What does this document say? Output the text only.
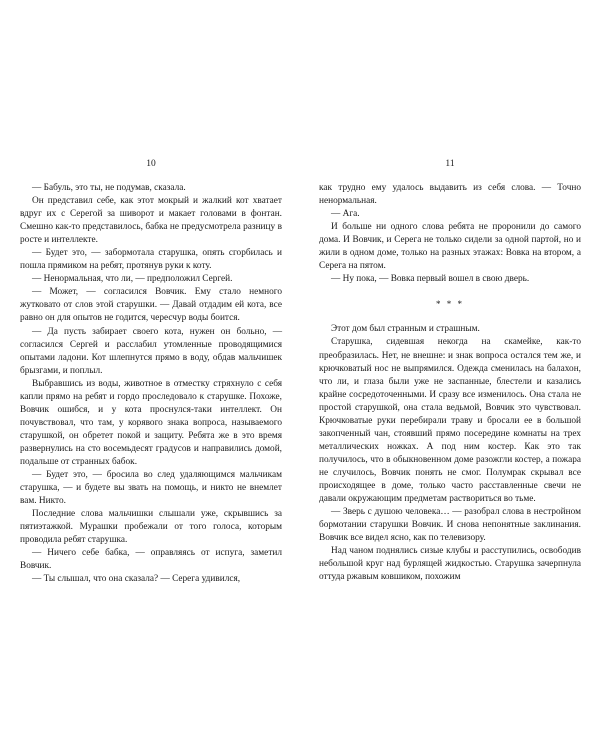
10

— Бабуль, это ты, не подумав, сказала.

Он представил себе, как этот мокрый и жалкий кот хватает вдруг их с Серегой за шиворот и макает головами в фонтан. Смешно как-то представилось, бабка не предусмотрела разницу в росте и интеллекте.

— Будет это, — забормотала старушка, опять сгорбилась и пошла прямиком на ребят, протянув руки к коту.

— Ненормальная, что ли, — предположил Сергей.

— Может, — согласился Вовчик. Ему стало немного жутковато от слов этой старушки. — Давай отдадим ей кота, все равно он для опытов не годится, чересчур воды боится.

— Да пусть забирает своего кота, нужен он больно, — согласился Сергей и расслабил утомленные проводящимися опытами ладони. Кот шлепнутся прямо в воду, обдав мальчишек брызгами, и поплыл.

Выбравшись из воды, животное в отместку стряхнуло с себя капли прямо на ребят и гордо проследовало к старушке. Похоже, Вовчик ошибся, и у кота проснулся-таки интеллект. Он почувствовал, что там, у корявого знака вопроса, называемого старушкой, он обретет покой и защиту. Ребята же в это время развернулись на сто восемьдесят градусов и направились домой, подальше от странных бабок.

— Будет это, — бросила во след удаляющимся мальчикам старушка, — и будете вы звать на помощь, и никто не внемлет вам. Никто.

Последние слова мальчишки слышали уже, скрывшись за пятиэтажкой. Мурашки пробежали от того голоса, которым проводила ребят старушка.

— Ничего себе бабка, — оправляясь от испуга, заметил Вовчик.

— Ты слышал, что она сказала? — Серега удивился,

11

как трудно ему удалось выдавить из себя слова. — Точно ненормальная.

— Ага.

И больше ни одного слова ребята не проронили до самого дома. И Вовчик, и Серега не только сидели за одной партой, но и жили в одном доме, только на разных этажах: Вовка на втором, а Серега на пятом.

— Ну пока, — Вовка первый вошел в свою дверь.

* * *

Этот дом был странным и страшным.

Старушка, сидевшая некогда на скамейке, как-то преобразилась. Нет, не внешне: и знак вопроса остался тем же, и крючковатый нос не выпрямился. Одежда сменилась на балахон, что ли, и глаза были уже не заспанные, блестели и казались крайне сосредоточенными. И сразу все изменилось. Она стала не простой старушкой, она стала ведьмой, Вовчик это чувствовал. Крючковатые руки перебирали траву и бросали ее в большой закопченный чан, стоявший прямо посередине комнаты на трех металлических ножках. А под ним костер. Как это так получилось, что в обыкновенном доме разожгли костер, а пожара не случилось, Вовчик понять не смог. Полумрак скрывал все происходящее в доме, только часто расставленные свечи не давали окружающим предметам раствориться во тьме.

— Зверь с душою человека… — разобрал слова в нестройном бормотании старушки Вовчик. И снова непонятные заклинания. Вовчик все видел ясно, как по телевизору.

Над чаном поднялись сизые клубы и расступились, освободив небольшой круг над бурлящей жидкостью. Старушка зачерпнула оттуда ржавым ковшиком, похожим
